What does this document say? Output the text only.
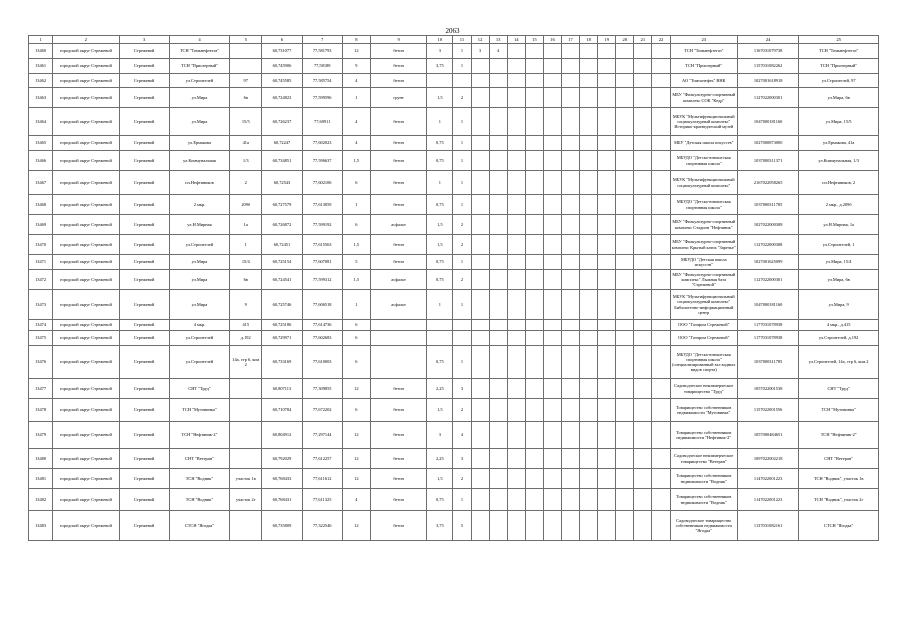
2063
1	2	3	4	5	6	7	8	9	10	11	12	13	14	15	16	17	18	19	20	21	22	23	24	25
13460	городской округ Стрежевой	Стрежевой	ТСН "Томьнефтегаз"		60,731077	77,581793	12	бетон	3	1	3	4										ТСН "Томьнефтегаз"	1167031079738	ТСН "Томьнефтегаз"
13461	городской округ Стрежевой	Стрежевой	ТСН "Приозерный"		60,745906	77,58188	9	бетон	3,75	1												ТСН "Приозерный"	1157031082262	ТСН "Приозерный"
13462	городской округ Стрежевой	Стрежевой	ул.Строителей	97	60,745585	77,585754	4	бетон														АО "Томскнефть" ВНК	1027001618918	ул.Строителей, 97
13463	городской округ Стрежевой	Стрежевой	ул.Мира	6в	60,724823	77,599596	1	грунт	1,5	2												МБУ "Физкультурно-спортивный комплекс СОК "Кедр"	1127022000301	ул.Мира, 6в
13464	городской округ Стрежевой	Стрежевой	ул.Мира	15/5	60,726237	77,60911	4	бетон	1	1												МБУК "Мультифункциональный социокультурный комплекс" Историко-краеведческий музей	1047000181160	ул.Мира, 15/5
13465	городской округ Стрежевой	Стрежевой	ул.Ермакова	41а	60,72247	77,602023	4	бетон	0,75	1												МБУ "Детская школа искусств"	1027000873000	ул.Ермакова, 41а
13466	городской округ Стрежевой	Стрежевой	ул.Коммунальная	1/3	60,734851	77,596637	1,5	бетон	0,75	1												МБУДО "Детско-юношеская спортивная школа"	1037000311371	ул.Коммунальная, 1/3
13467	городской округ Стрежевой	Стрежевой	пл.Нефтяников	2	60,72543	77,602106	6	бетон	1	1												МБУК "Мультифункциональный социокультурный комплекс"	2167022058265	пл.Нефтяников, 2
13468	городской округ Стрежевой	Стрежевой	2 мкр.	209б	60,727579	77,613059	1	бетон	0,75	1												МБУДО "Детско-юношеская спортивная школа"	1037000311785	2 мкр., д.209б
13469	городской округ Стрежевой	Стрежевой	ул.Н.Мирная	1а	60,726872	77,599192	6	асфальт	1,5	2												МБУ "Физкультурно-спортивный комплекс Стадион "Нефтяник"	1027022000308	ул.Н.Мирная, 1а
13470	городской округ Стрежевой	Стрежевой	ул.Строителей	1	60,72451	77,615563	1,5	бетон	1,5	2												МБУ "Физкультурно-спортивный комплекс Крытый каток "Заречье"	1127022000308	ул.Строителей, 1
13471	городской округ Стрежевой	Стрежевой	ул.Мира	15/4	60,725154	77,607081	5	бетон	0,75	1												МБУДО "Детская школа искусств"	1027001625099	ул.Мира, 15/4
13472	городской округ Стрежевой	Стрежевой	ул.Мира	6в	60,724541	77,599312	1,5	асфальт	0,75	2												МБУ "Физкультурно-спортивный комплекс" Лыжная база "Стрежевой"	1127022000301	ул.Мира, 6в
13473	городской округ Стрежевой	Стрежевой	ул.Мира	9	60,725746	77,606518	1	асфальт	1	1												МБУК "Мультифункциональный социокультурный комплекс" Библиотечно-информационный центр	1047000181160	ул.Мира, 9
13474	городской округ Стрежевой	Стрежевой	4 мкр.	415	60,725186	77,614736	6															ООО "Газпром Стрежевой"	1177031078938	4 мкр., д.415
13475	городской округ Стрежевой	Стрежевой	ул.Строителей	д.192	60,729971	77,602683	6															ООО "Газпром Стрежевой"	1177031078938	ул.Строителей, д.192
13476	городской округ Стрежевой	Стрежевой	ул.Строителей	14а, стр 6, ком 2	60,733169	77,610003	6		0,75	1												МБУДО "Детско-юношеская спортивная школа" (специализированный зал водных видов спорта)	1037000311785	ул.Строителей, 14а, стр 6, ком.2
13477	городской округ Стрежевой	Стрежевой	СНТ "Труд"		60,807113	77,309855	12	бетон	2,25	3												Садоводческое некоммерческое товарищество "Труд"	1057022001538	СНТ "Труд"
13478	городской округ Стрежевой	Стрежевой	ТСН "Мутовинка"		60,710784	77,672202	6	бетон	1,5	2												Товарищество собственников недвижимости "Мутовинка"	1157022001556	ТСН "Мутовинка"
13479	городской округ Стрежевой	Стрежевой	ТСН "Нефтяник-2"		60,804912	77,297144	12	бетон	3	4												Товарищество собственников недвижимости "Нефтяник-2"	1057000484651	ТСН "Нефтяник-2"
13480	городской округ Стрежевой	Стрежевой	СНТ "Ветеран"		60,792029	77,612257	12	бетон	2,25	3												Садоводческое некоммерческое товарищество "Ветеран"	1097022002218	СНТ "Ветеран"
13481	городской округ Стрежевой	Стрежевой	ТСН "Водник"	участок 1в	60,768433	77,611612	12	бетон	1,5	2												Товарищество собственников недвижимости "Водник"	1147022001223	ТСН "Водник", участок 1в
13482	городской округ Стрежевой	Стрежевой	ТСН "Водник"	участок 2г	60,768431	77,611325	4	бетон	0,75	1												Товарищество собственников недвижимости "Водник"	1147022001223	ТСН "Водник", участок 2г
13483	городской округ Стрежевой	Стрежевой	СТСН "Ягодка"		60,735809	77,322546	12	бетон	3,75	5												Садоводческое товарищество собственников недвижимости "Ягодка"	1137031082161	СТСН "Ягодка"
